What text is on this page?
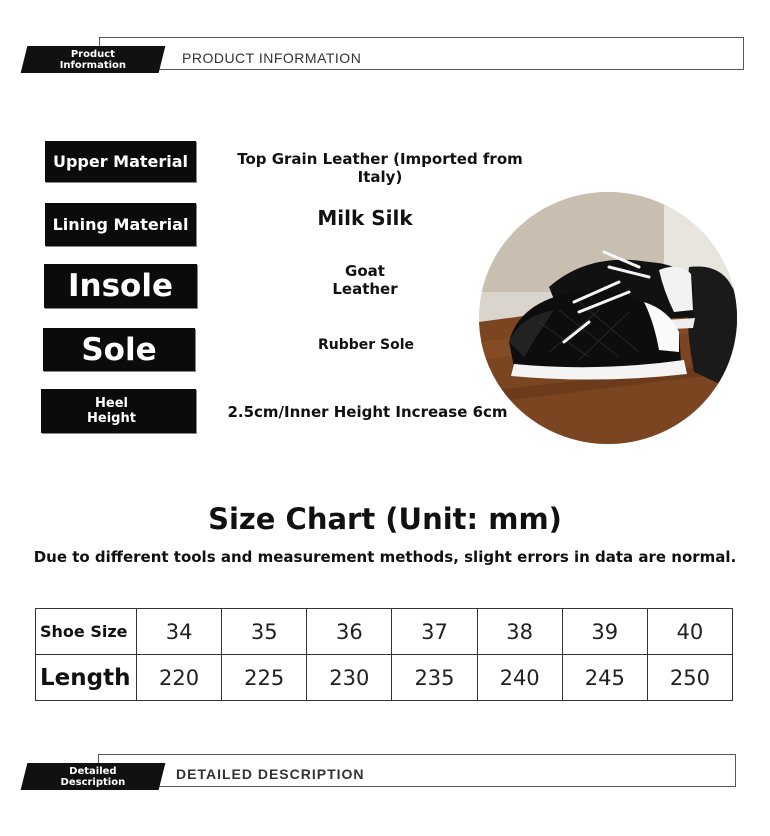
Product Information	PRODUCT INFORMATION
Upper Material	Top Grain Leather (Imported from Italy)
Lining Material	Milk Silk
Insole	Goat Leather
Sole	Rubber Sole
Heel Height	2.5cm/Inner Height Increase 6cm
Size Chart (Unit: mm)
Due to different tools and measurement methods, slight errors in data are normal.
Shoe Size	34	35	36	37	38	39	40
Length	220	225	230	235	240	245	250
Detailed Description	DETAILED DESCRIPTION
